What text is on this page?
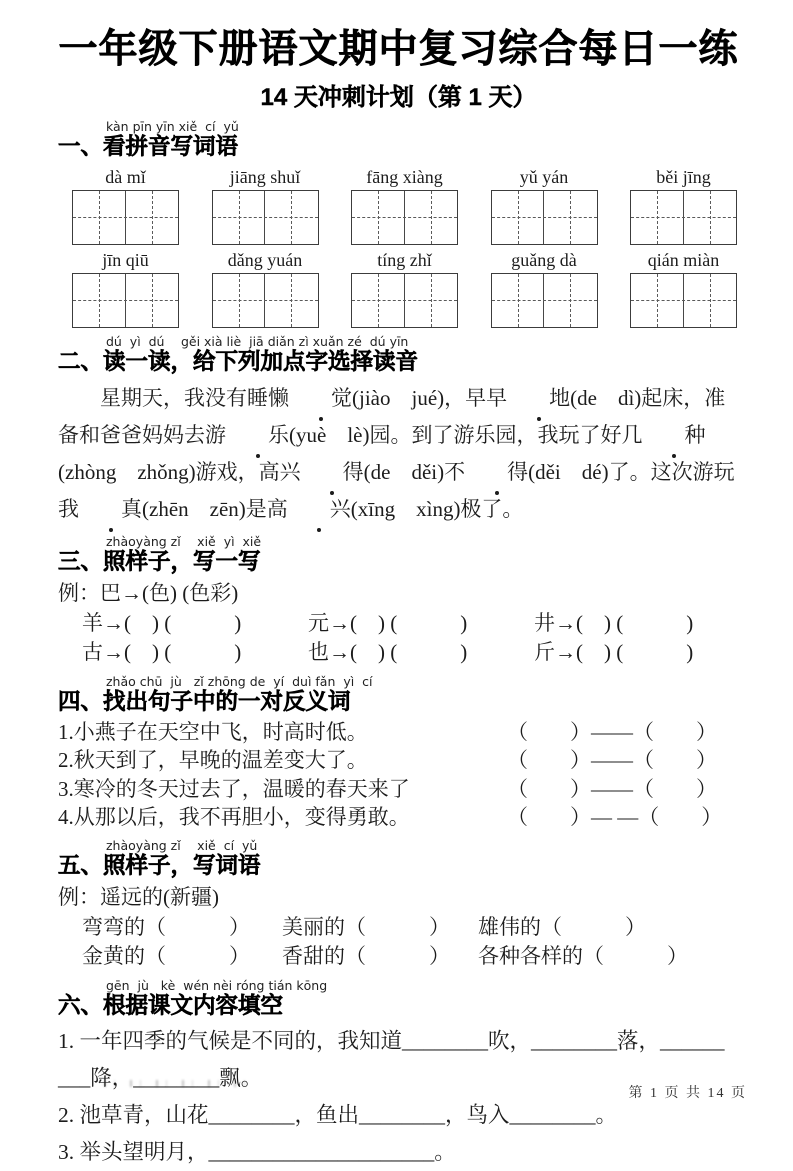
一年级下册语文期中复习综合每日一练
14 天冲刺计划（第 1 天）
kàn pīn yīn xiě  cí  yǔ
一、看拼音写词语
dà mǐ	jiāng shuǐ	fāng xiàng	yǔ yán	běi jīng
jīn qiū	dǎng yuán	tíng zhǐ	guǎng dà	qián miàn
dú  yì  dú　 gěi xià liè  jiā diǎn zì xuǎn zé  dú yīn
二、读一读，给下列加点字选择读音
星期天，我没有睡懒 觉(jiào　jué)，早早 地(de　dì)起床，准备和爸爸妈妈去游 乐(yuè　lè)园。到了游乐园，我玩了好几 种(zhòng　zhǒng)游戏，高兴 得(de　děi)不 得(děi　dé)了。这次游玩我 真(zhēn　zēn)是高 兴(xīng　xìng)极了。
zhàoyàng zǐ　 xiě  yì  xiě
三、照样子，写一写
例：巴→(色) (色彩)
羊→(　) (　　　)	元→(　) (　　　)	井→(　) (　　　)
古→(　) (　　　)	也→(　) (　　　)	斤→(　) (　　　)
zhǎo chū  jù   zǐ zhōng de  yí  duì fǎn  yì  cí
四、找出句子中的一对反义词
1.小燕子在天空中飞，时高时低。	（　　）——（　　）
2.秋天到了，早晚的温差变大了。	（　　）——（　　）
3.寒冷的冬天过去了，温暖的春天来了	（　　）——（　　）
4.从那以后，我不再胆小，变得勇敢。	（　　）— —（　　）
zhàoyàng zǐ　 xiě  cí  yǔ
五、照样子，写词语
例：遥远的(新疆)
弯弯的（　　　）	美丽的（　　　）	雄伟的（　　　）
金黄的（　　　）	香甜的（　　　）	各种各样的（　　　）
gēn  jù   kè  wén nèi róng tián kōng
六、根据课文内容填空
1. 一年四季的气候是不同的，我知道________吹，________落，______
___降，________飘。
2. 池草青，山花________，鱼出________，鸟入________。
3. 举头望明月，_____________________。
第 1 页 共 14 页
